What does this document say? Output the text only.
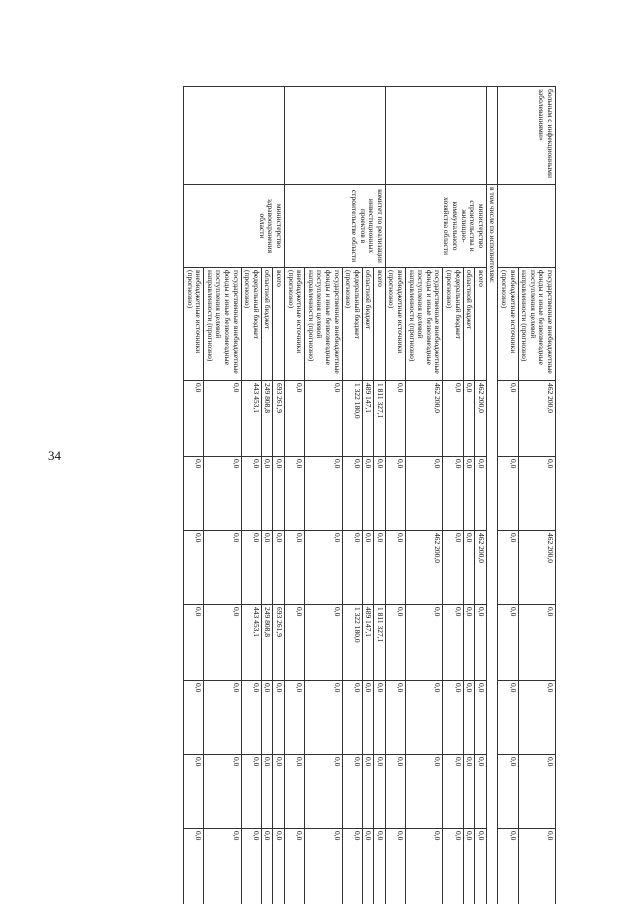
34
больным с инфекционными заболеваниями»		государственные внебюджетные фонды и иные безвозмездные поступления целевой направленности (прогнозно)	462 200,0	0,0	462 200,0	0,0	0,0	0,0	0,0
		внебюджетные источники (прогнозно)	0,0	0,0	0,0	0,0	0,0	0,0	0,0
	в том числе по исполнителям:								
	министерство строительства и жилищно-коммунального хозяйства области	всего	462 200,0	0,0	462 200,0	0,0	0,0	0,0	0,0
		областной бюджет	0,0	0,0	0,0	0,0	0,0	0,0	0,0
		федеральный бюджет (прогнозно)	0,0	0,0	0,0	0,0	0,0	0,0	0,0
		государственные внебюджетные фонды и иные безвозмездные поступления целевой направленности (прогнозно)	462 200,0	0,0	462 200,0	0,0	0,0	0,0	0,0
		внебюджетные источники (прогнозно)	0,0	0,0	0,0	0,0	0,0	0,0	0,0
	комитет по реализации инвестиционных проектов в строительстве области	всего	1 811 327,1	0,0	0,0	1 811 327,1	0,0	0,0	0,0
		областной бюджет	489 147,1	0,0	0,0	489 147,1	0,0	0,0	0,0
		федеральный бюджет (прогнозно)	1 322 180,0	0,0	0,0	1 322 180,0	0,0	0,0	0,0
		государственные внебюджетные фонды и иные безвозмездные поступления целевой направленности (прогнозно)	0,0	0,0	0,0	0,0	0,0	0,0	0,0
		внебюджетные источники (прогнозно)	0,0	0,0	0,0	0,0	0,0	0,0	0,0
	министерство здравоохранения области	всего	693 261,9	0,0	0,0	693 261,9	0,0	0,0	0,0
		областной бюджет	249 808,8	0,0	0,0	249 808,8	0,0	0,0	0,0
		федеральный бюджет (прогнозно)	443 453,1	0,0	0,0	443 453,1	0,0	0,0	0,0
		государственные внебюджетные фонды и иные безвозмездные поступления целевой направленности (прогнозно)	0,0	0,0	0,0	0,0	0,0	0,0	0,0
		внебюджетные источники (прогнозно)	0,0	0,0	0,0	0,0	0,0	0,0	0,0
